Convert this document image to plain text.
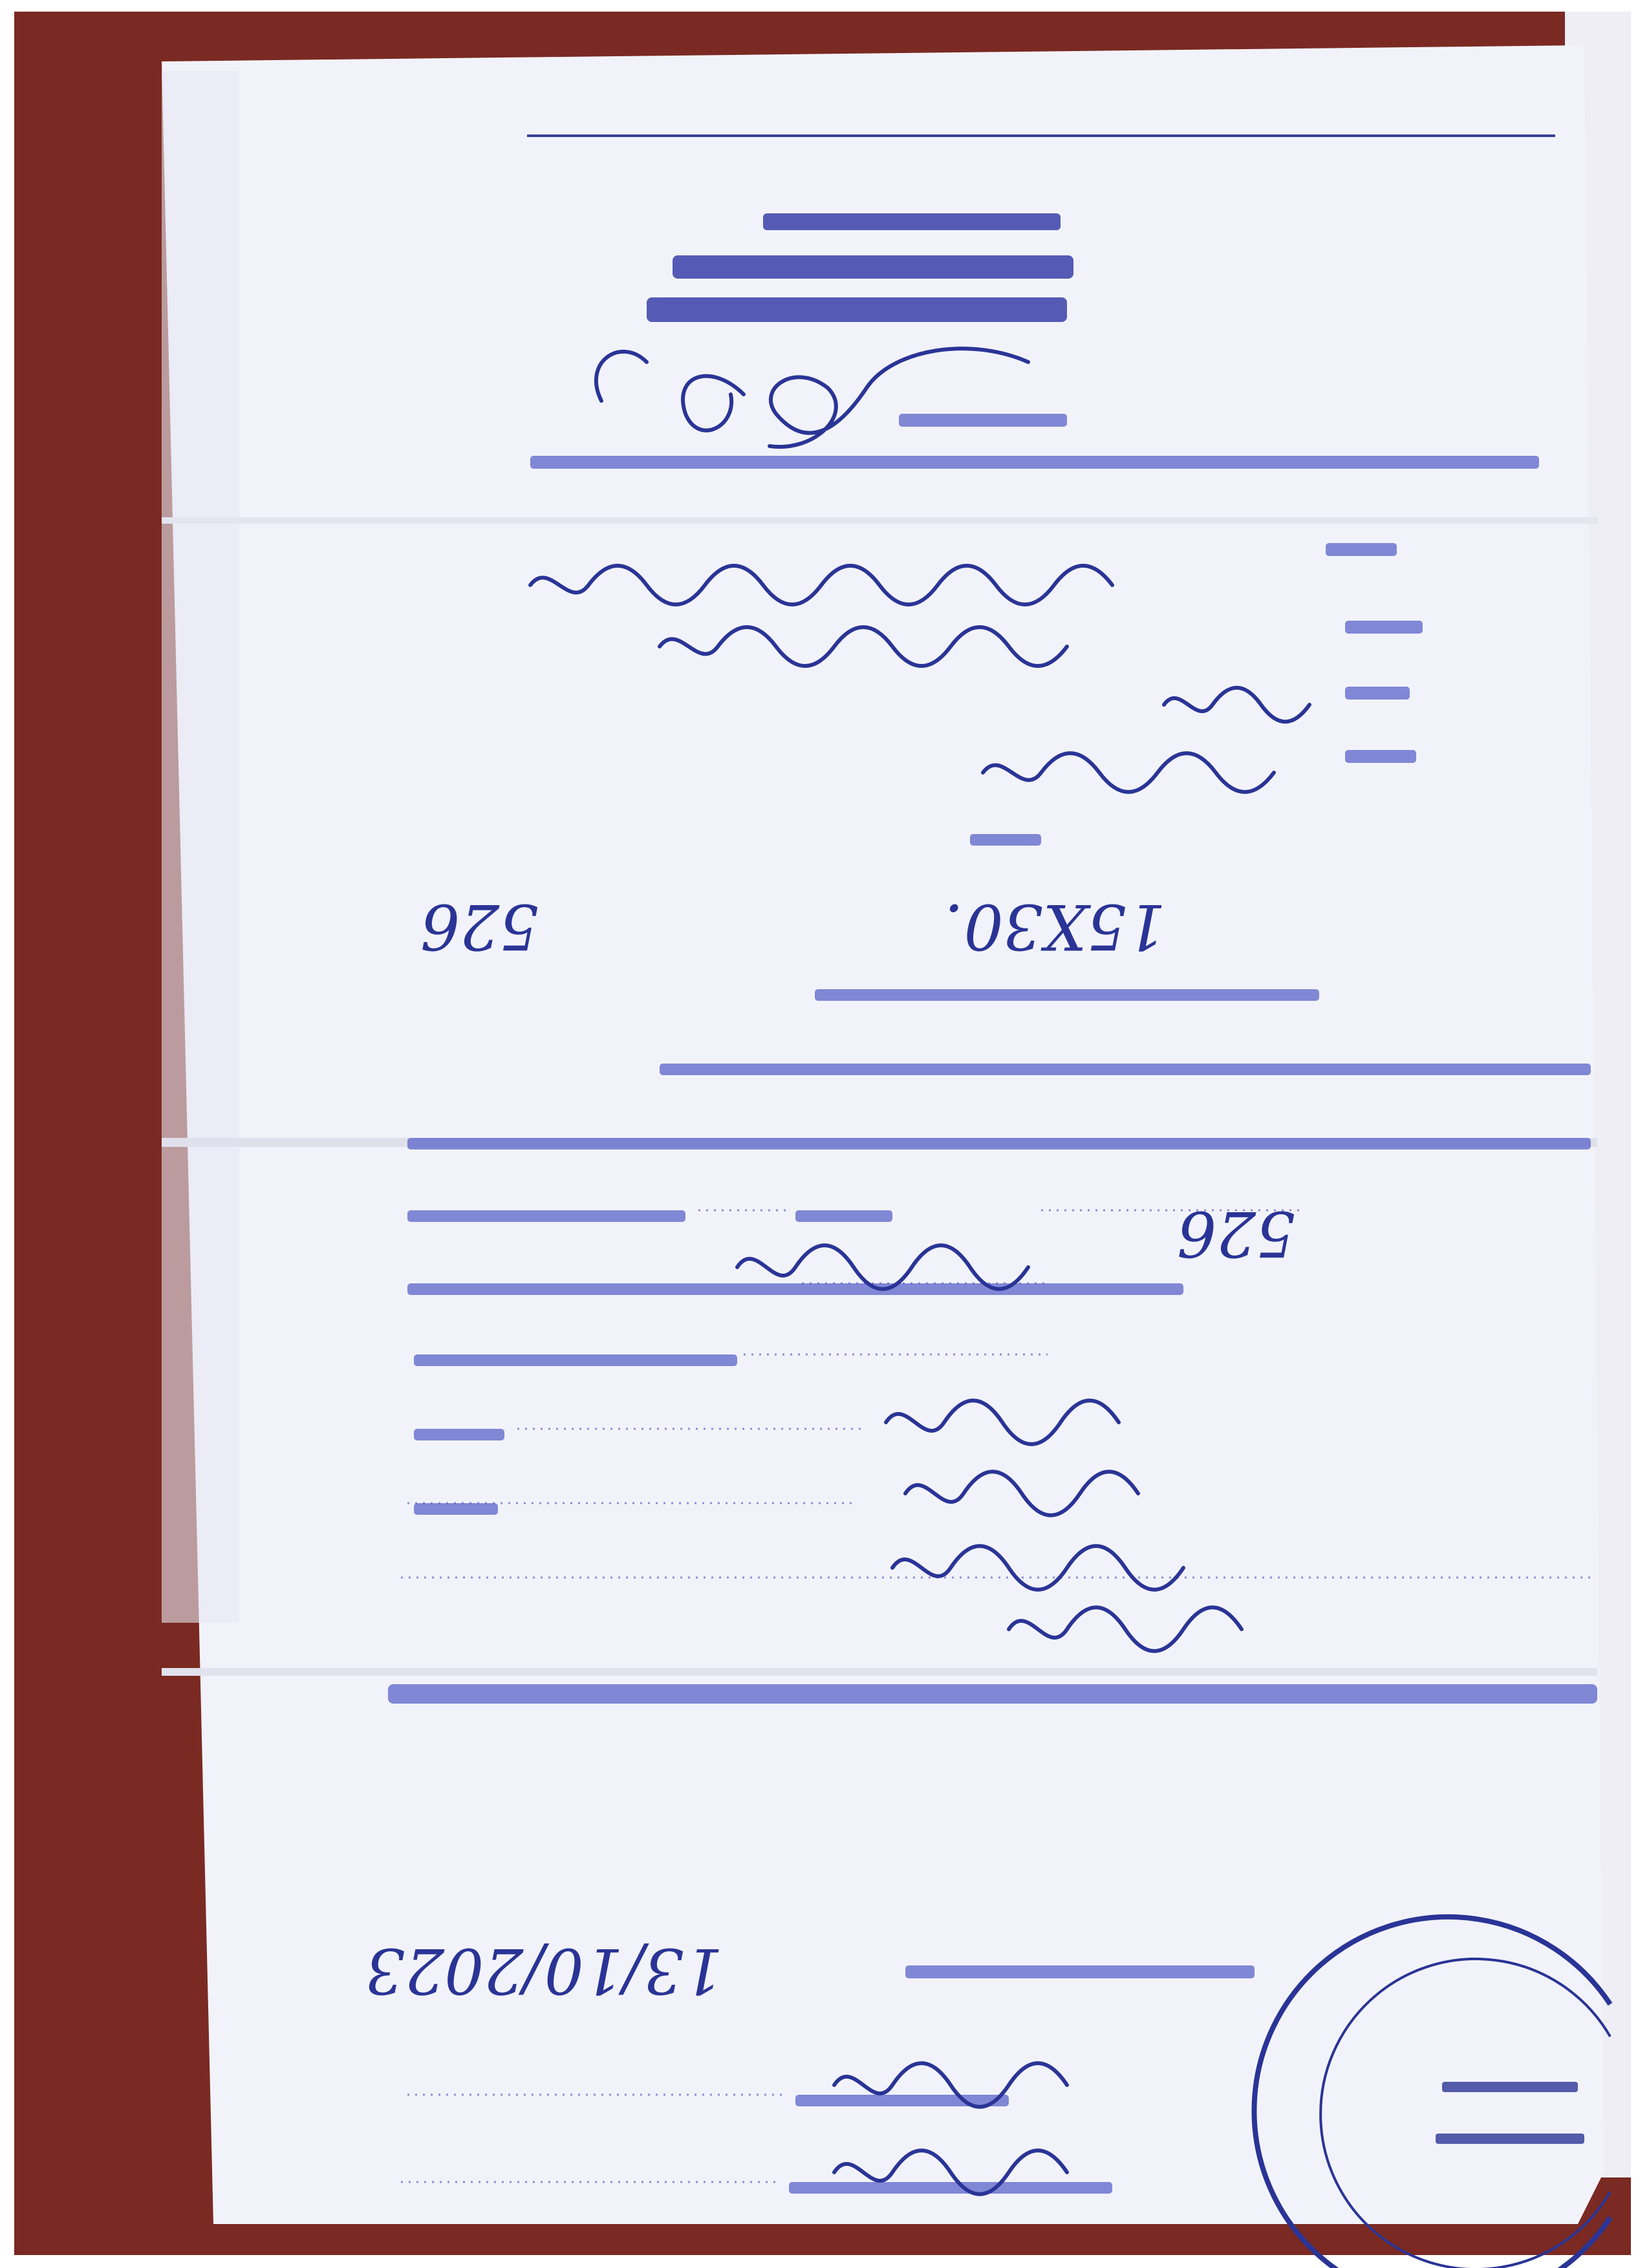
13/10/2023
15X30.
526
526
